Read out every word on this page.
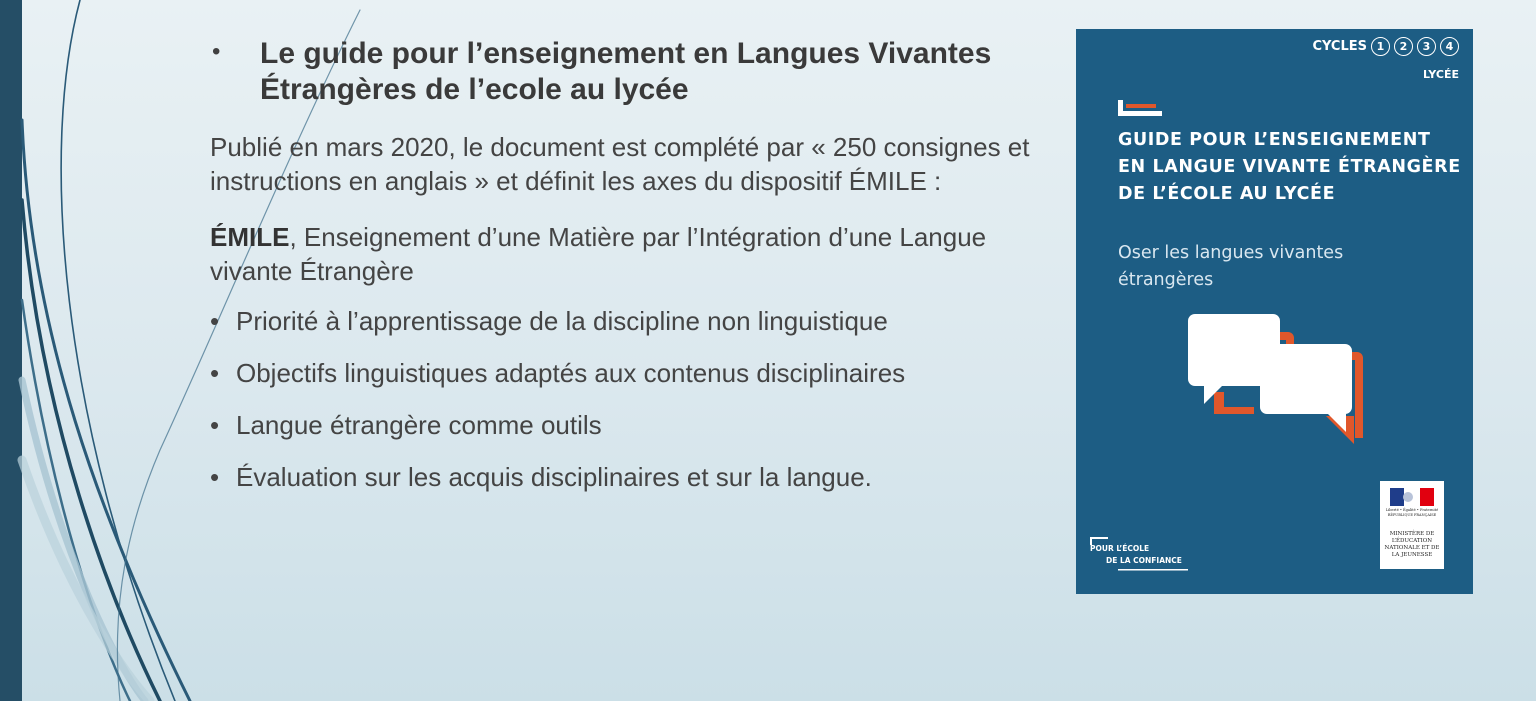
• Le guide pour l’enseignement en Langues Vivantes Étrangères de l’ecole au lycée
Publié en mars 2020, le document est complété par « 250 consignes et instructions en anglais » et définit les axes du dispositif ÉMILE :
ÉMILE, Enseignement d’une Matière par l’Intégration d’une Langue vivante Étrangère
• Priorité à l’apprentissage de la discipline non linguistique
• Objectifs linguistiques adaptés aux contenus disciplinaires
• Langue étrangère comme outils
• Évaluation sur les acquis disciplinaires et sur la langue.
CYCLES 1	2	3	4
LYCÉE
GUIDE POUR L’ENSEIGNEMENT EN LANGUE VIVANTE ÉTRANGÈRE DE L’ÉCOLE AU LYCÉE
Oser les langues vivantes étrangères
POUR L’ÉCOLE
DE LA CONFIANCE
Liberté • Égalité • Fraternité RÉPUBLIQUE FRANÇAISE
MINISTÈRE DE L’ÉDUCATION NATIONALE ET DE LA JEUNESSE
